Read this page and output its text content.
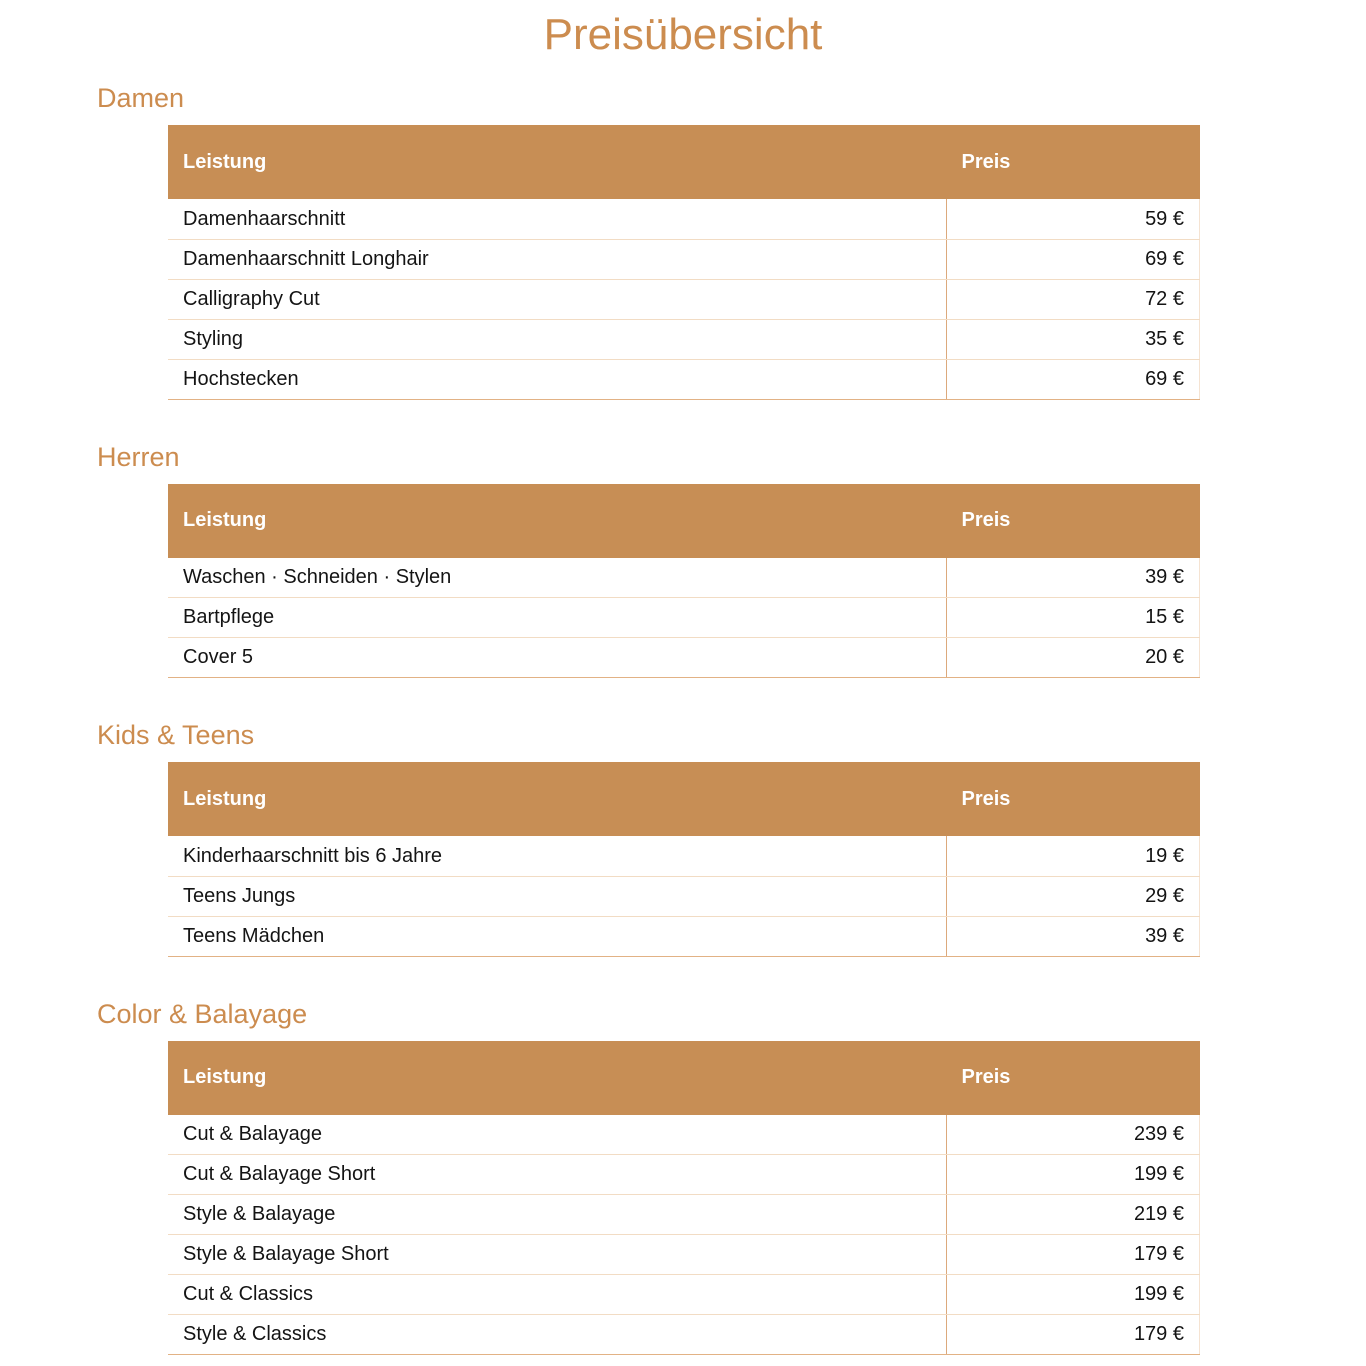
Preisübersicht
Damen
Leistung	Preis
Damenhaarschnitt	59 €
Damenhaarschnitt Longhair	69 €
Calligraphy Cut	72 €
Styling	35 €
Hochstecken	69 €
Herren
Leistung	Preis
Waschen · Schneiden · Stylen	39 €
Bartpflege	15 €
Cover 5	20 €
Kids & Teens
Leistung	Preis
Kinderhaarschnitt bis 6 Jahre	19 €
Teens Jungs	29 €
Teens Mädchen	39 €
Color & Balayage
Leistung	Preis
Cut & Balayage	239 €
Cut & Balayage Short	199 €
Style & Balayage	219 €
Style & Balayage Short	179 €
Cut & Classics	199 €
Style & Classics	179 €
